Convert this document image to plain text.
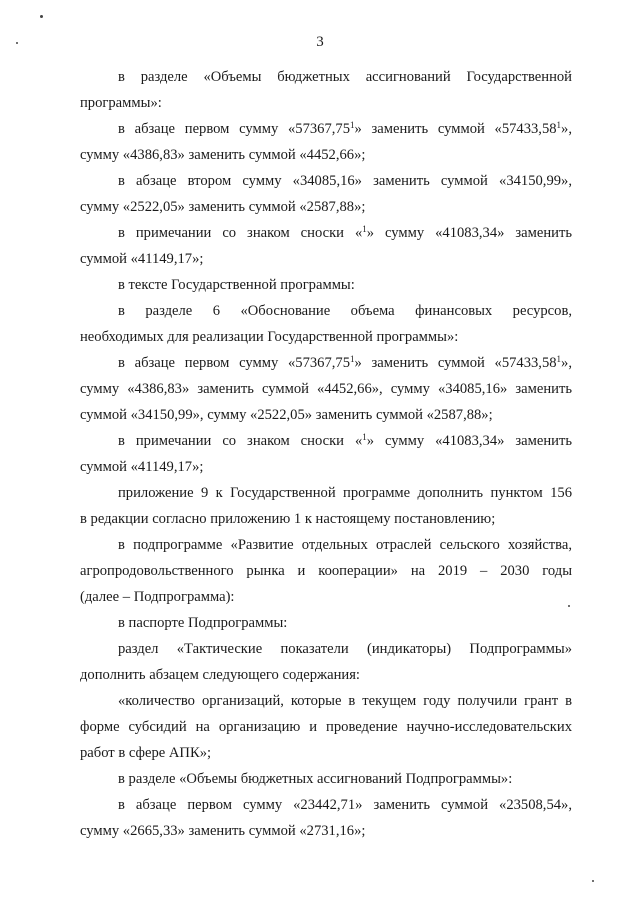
3
в разделе «Объемы бюджетных ассигнований Государственной
программы»:
в абзаце первом сумму «57367,75$^1$» заменить суммой «57433,58$^1$»,
сумму «4386,83» заменить суммой «4452,66»;
в абзаце втором сумму «34085,16» заменить суммой «34150,99»,
сумму «2522,05» заменить суммой «2587,88»;
в примечании со знаком сноски «$^1$» сумму «41083,34» заменить
суммой «41149,17»;
в тексте Государственной программы:
в разделе 6 «Обоснование объема финансовых ресурсов,
необходимых для реализации Государственной программы»:
в абзаце первом сумму «57367,75$^1$» заменить суммой «57433,58$^1$»,
сумму «4386,83» заменить суммой «4452,66», сумму «34085,16» заменить
суммой «34150,99», сумму «2522,05» заменить суммой «2587,88»;
в примечании со знаком сноски «$^1$» сумму «41083,34» заменить
суммой «41149,17»;
приложение 9 к Государственной программе дополнить пунктом 156
в редакции согласно приложению 1 к настоящему постановлению;
в подпрограмме «Развитие отдельных отраслей сельского хозяйства,
агропродовольственного рынка и кооперации» на 2019 – 2030 годы
(далее – Подпрограмма):
в паспорте Подпрограммы:
раздел «Тактические показатели (индикаторы) Подпрограммы»
дополнить абзацем следующего содержания:
«количество организаций, которые в текущем году получили грант в
форме субсидий на организацию и проведение научно-исследовательских
работ в сфере АПК»;
в разделе «Объемы бюджетных ассигнований Подпрограммы»:
в абзаце первом сумму «23442,71» заменить суммой «23508,54»,
сумму «2665,33» заменить суммой «2731,16»;
